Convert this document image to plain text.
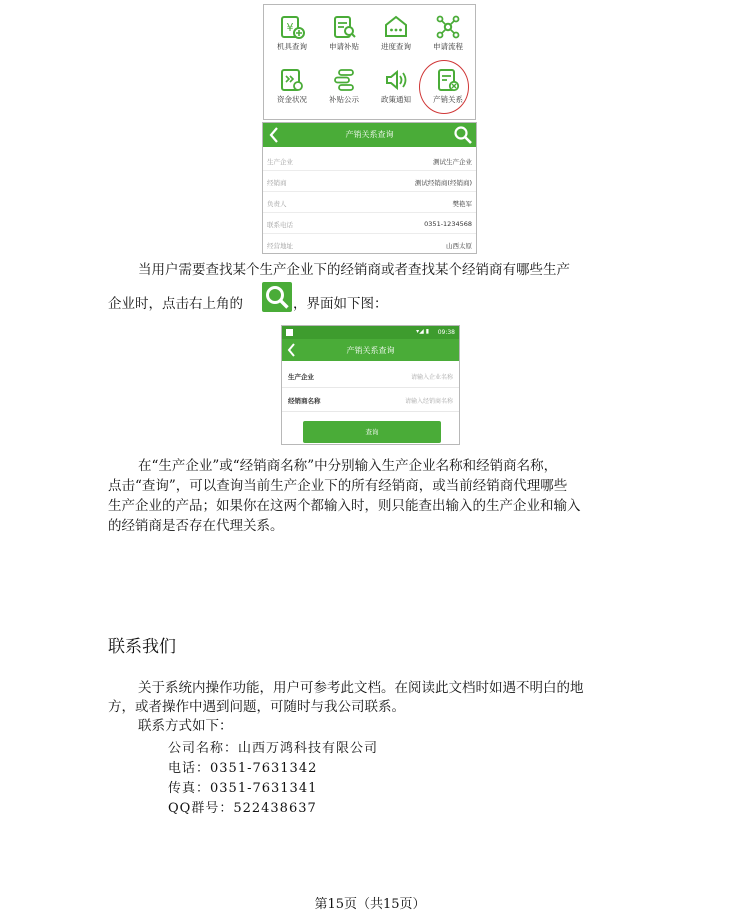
¥
机具查询	申请补贴	进度查询	申请流程
资金状况	补贴公示	政策通知	产销关系
产销关系查询
生产企业	测试生产企业
经销商	测试经销商(经销商)
负责人	樊艳军
联系电话	0351-1234568
经营地址	山西太原
当用户需要查找某个生产企业下的经销商或者查找某个经销商有哪些生产
企业时，点击右上角的	，界面如下图：
▾◢ ▮ 09:38
产销关系查询
生产企业	请输入企业名称
经销商名称	请输入经销商名称
查询
在“生产企业”或“经销商名称”中分别输入生产企业名称和经销商名称，
点击“查询”，可以查询当前生产企业下的所有经销商，或当前经销商代理哪些
生产企业的产品；如果你在这两个都输入时，则只能查出输入的生产企业和输入
的经销商是否存在代理关系。
联系我们
关于系统内操作功能，用户可参考此文档。在阅读此文档时如遇不明白的地
方，或者操作中遇到问题，可随时与我公司联系。
联系方式如下：
公司名称：山西万鸿科技有限公司
电话：0351-7631342
传真：0351-7631341
QQ群号：522438637
第15页（共15页）
